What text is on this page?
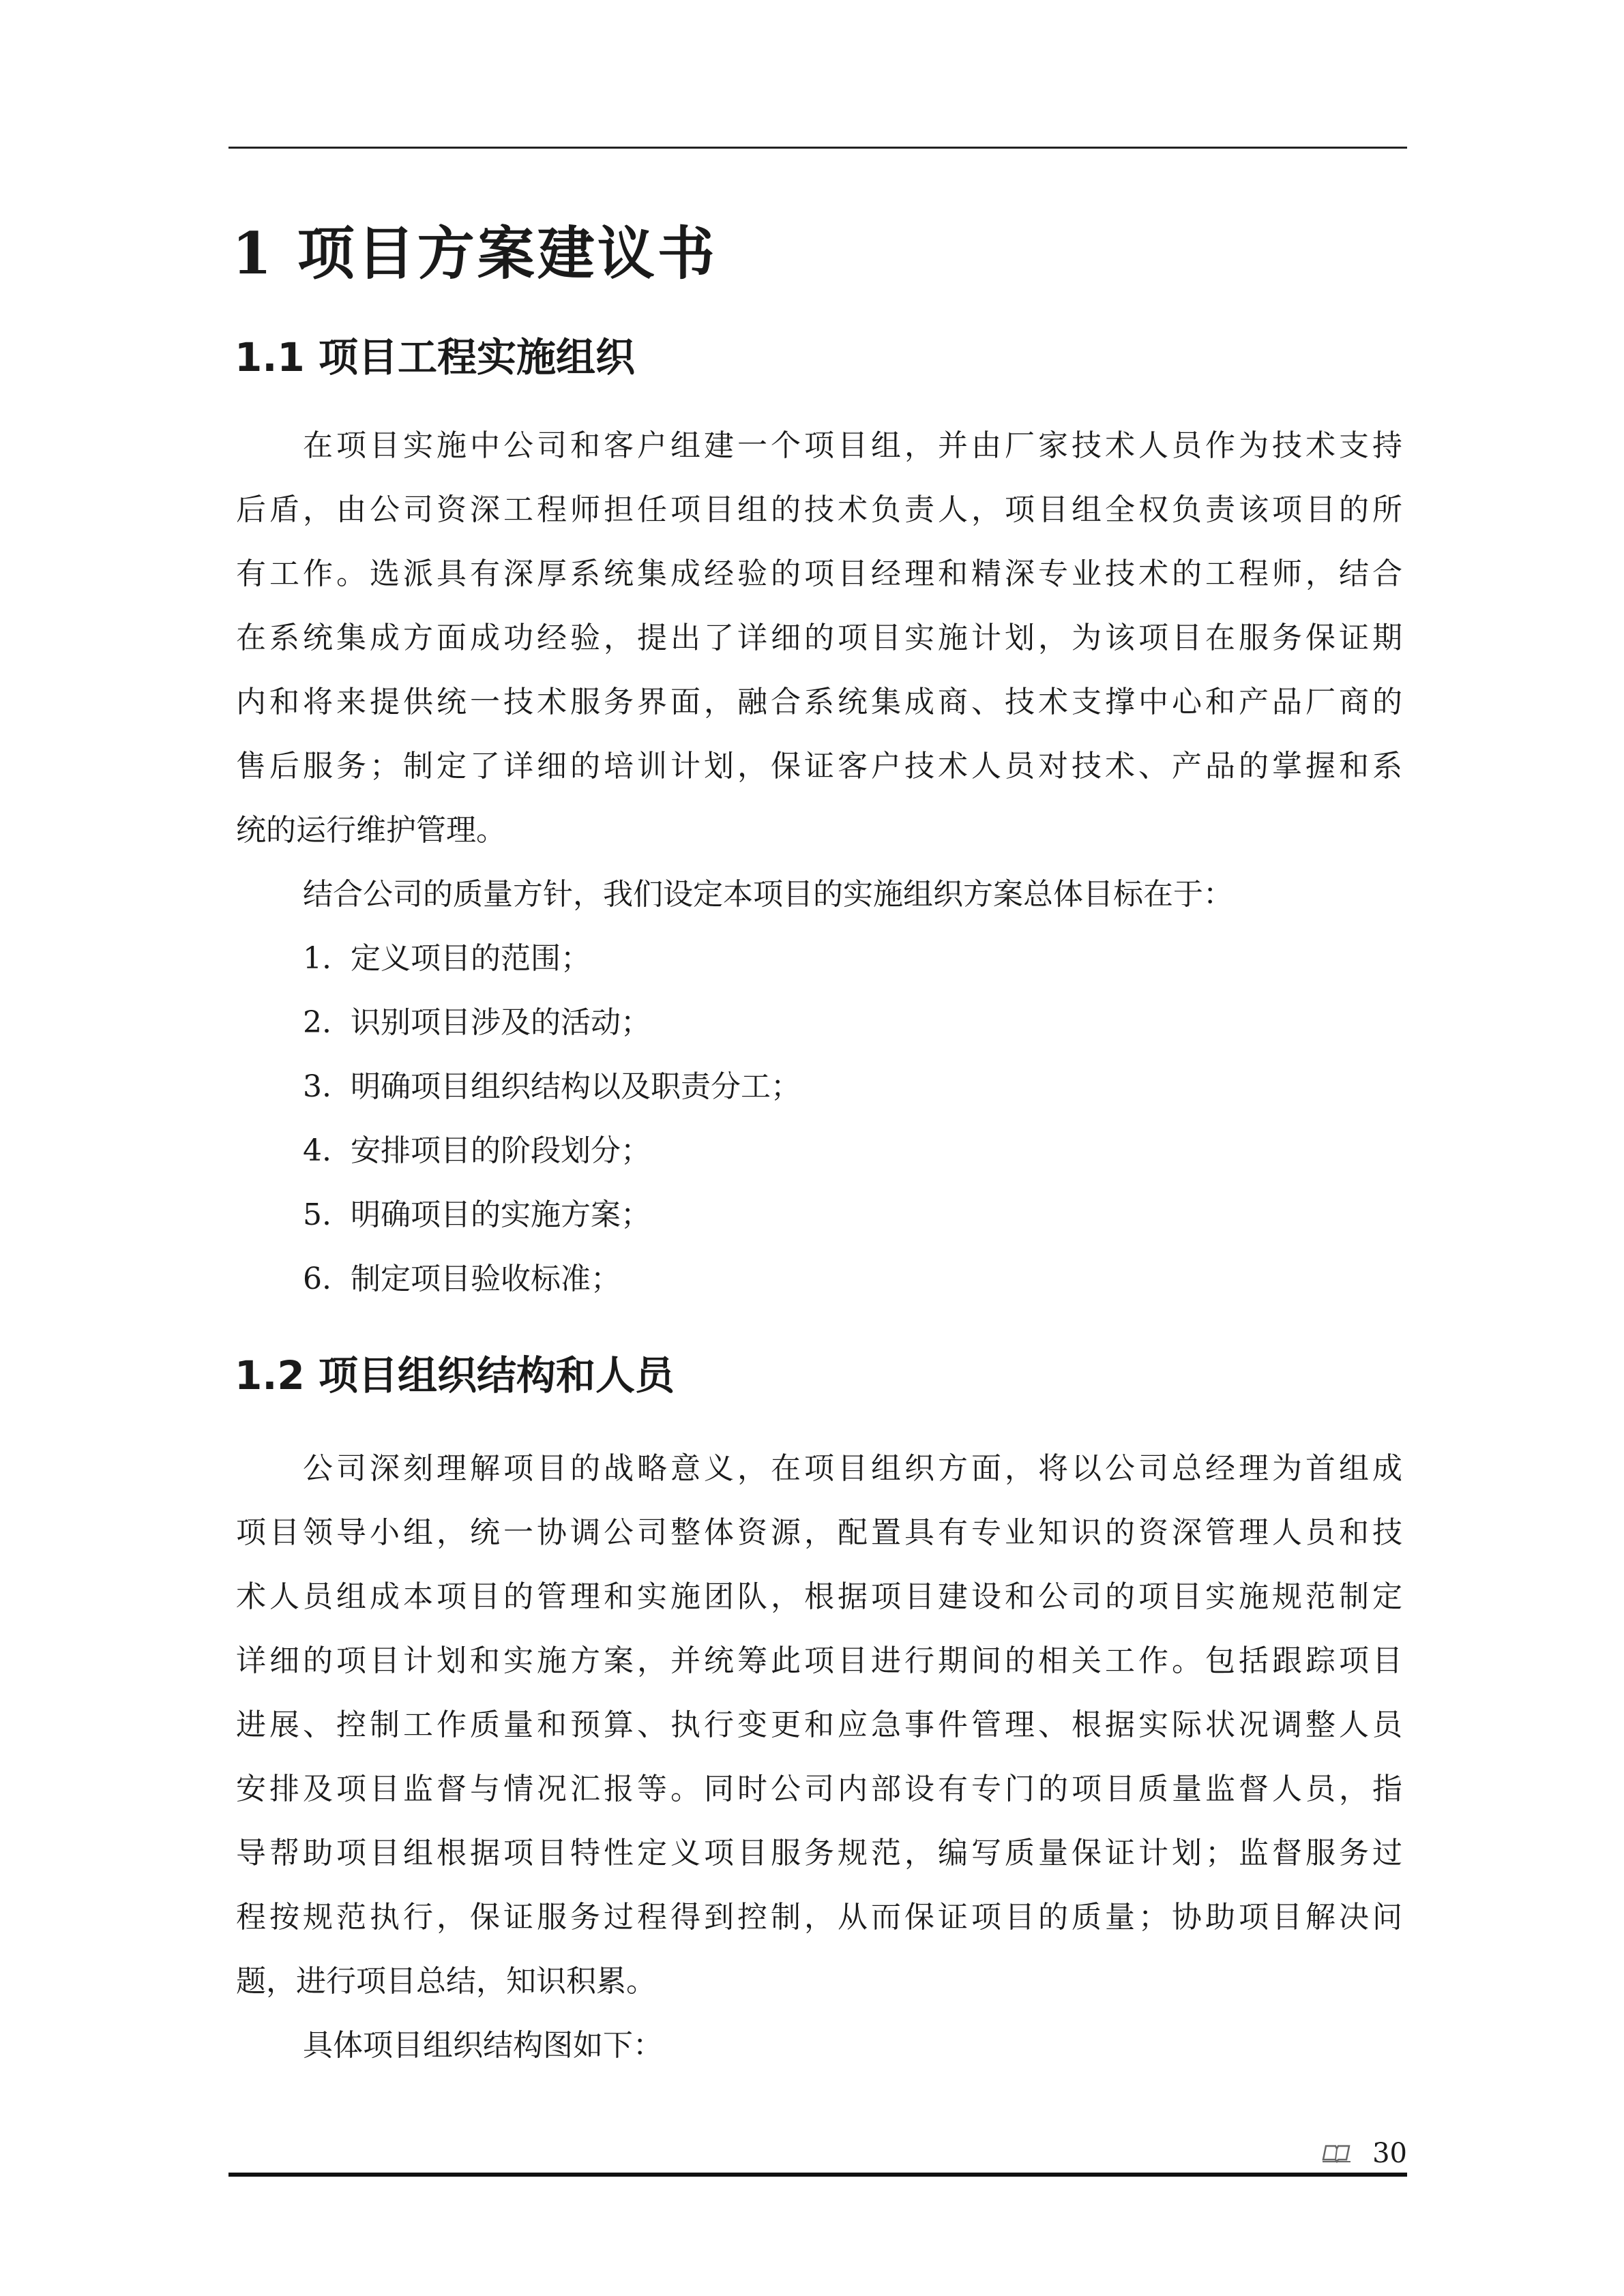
1 项目方案建议书
1.1 项目工程实施组织
在项目实施中公司和客户组建一个项目组，并由厂家技术人员作为技术支持
后盾，由公司资深工程师担任项目组的技术负责人，项目组全权负责该项目的所
有工作。选派具有深厚系统集成经验的项目经理和精深专业技术的工程师，结合
在系统集成方面成功经验，提出了详细的项目实施计划，为该项目在服务保证期
内和将来提供统一技术服务界面，融合系统集成商、技术支撑中心和产品厂商的
售后服务；制定了详细的培训计划，保证客户技术人员对技术、产品的掌握和系
统的运行维护管理。
结合公司的质量方针，我们设定本项目的实施组织方案总体目标在于：
1. 定义项目的范围；
2. 识别项目涉及的活动；
3. 明确项目组织结构以及职责分工；
4. 安排项目的阶段划分；
5. 明确项目的实施方案；
6. 制定项目验收标准；
1.2 项目组织结构和人员
公司深刻理解项目的战略意义，在项目组织方面，将以公司总经理为首组成
项目领导小组，统一协调公司整体资源，配置具有专业知识的资深管理人员和技
术人员组成本项目的管理和实施团队，根据项目建设和公司的项目实施规范制定
详细的项目计划和实施方案，并统筹此项目进行期间的相关工作。包括跟踪项目
进展、控制工作质量和预算、执行变更和应急事件管理、根据实际状况调整人员
安排及项目监督与情况汇报等。同时公司内部设有专门的项目质量监督人员，指
导帮助项目组根据项目特性定义项目服务规范，编写质量保证计划；监督服务过
程按规范执行，保证服务过程得到控制，从而保证项目的质量；协助项目解决问
题，进行项目总结，知识积累。
具体项目组织结构图如下：
30
